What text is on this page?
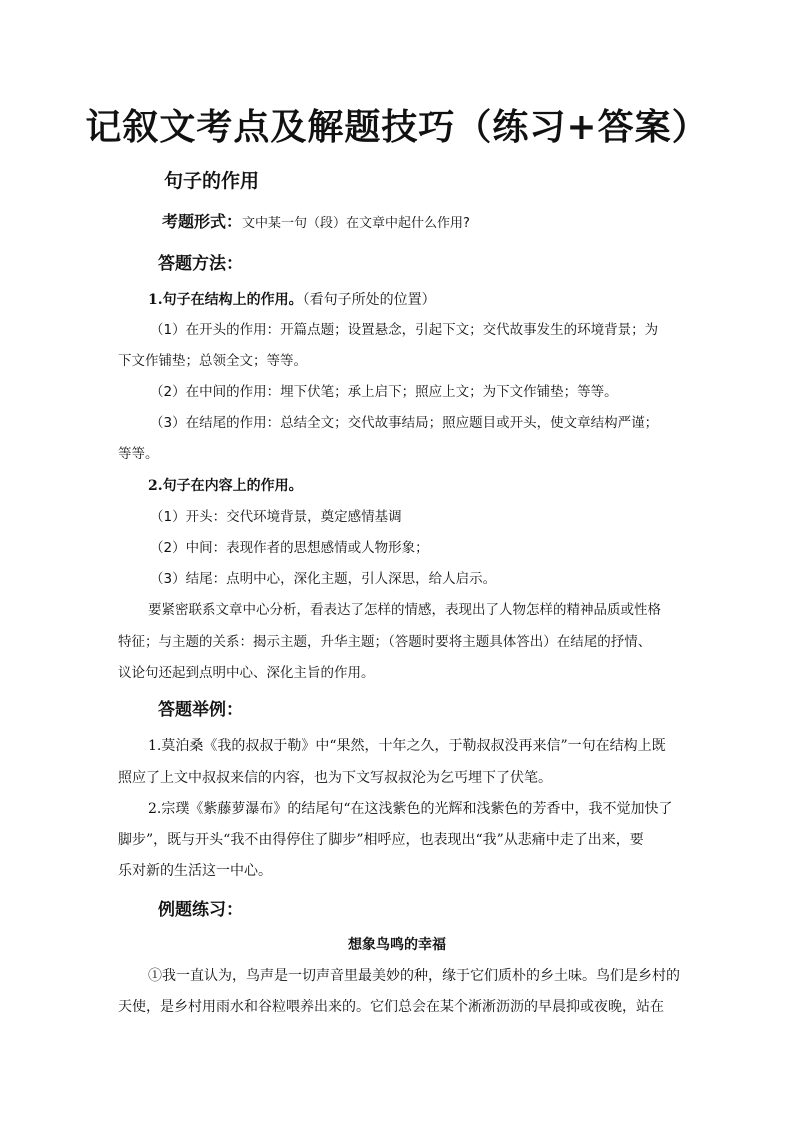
记叙文考点及解题技巧（练习+答案）
句子的作用
考题形式：文中某一句（段）在文章中起什么作用?
答题方法：
1.句子在结构上的作用。（看句子所处的位置）
（1）在开头的作用：开篇点题；设置悬念，引起下文；交代故事发生的环境背景；为
下文作铺垫；总领全文；等等。
（2）在中间的作用：埋下伏笔；承上启下；照应上文；为下文作铺垫；等等。
（3）在结尾的作用：总结全文；交代故事结局；照应题目或开头，使文章结构严谨；
等等。
2.句子在内容上的作用。
（1）开头：交代环境背景，奠定感情基调
（2）中间：表现作者的思想感情或人物形象；
（3）结尾：点明中心，深化主题，引人深思，给人启示。
要紧密联系文章中心分析，看表达了怎样的情感，表现出了人物怎样的精神品质或性格
特征；与主题的关系：揭示主题，升华主题；（答题时要将主题具体答出）在结尾的抒情、
议论句还起到点明中心、深化主旨的作用。
答题举例：
1.莫泊桑《我的叔叔于勒》中“果然，十年之久，于勒叔叔没再来信”一句在结构上既
照应了上文中叔叔来信的内容，也为下文写叔叔沦为乞丐埋下了伏笔。
2.宗璞《紫藤萝瀑布》的结尾句“在这浅紫色的光辉和浅紫色的芳香中，我不觉加快了
脚步”，既与开头“我不由得停住了脚步”相呼应，也表现出“我”从悲痛中走了出来，要
乐对新的生活这一中心。
例题练习：
想象鸟鸣的幸福
①我一直认为，鸟声是一切声音里最美妙的种，缘于它们质朴的乡土味。鸟们是乡村的
天使，是乡村用雨水和谷粒喂养出来的。它们总会在某个淅淅沥沥的早晨抑或夜晚，站在
